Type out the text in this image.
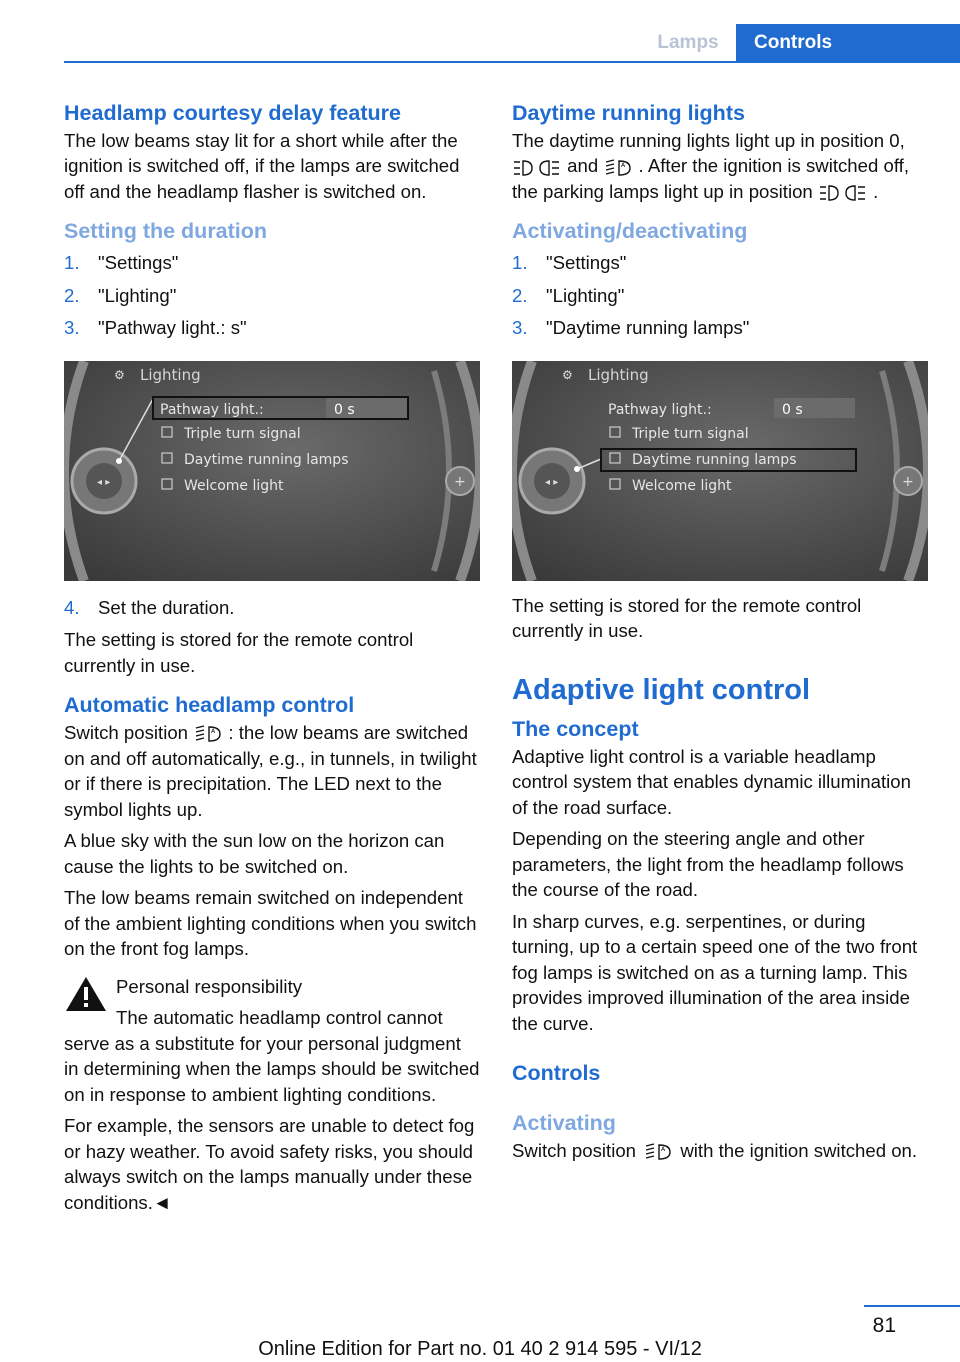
Lamps	Controls
Headlamp courtesy delay feature

The low beams stay lit for a short while after the ignition is switched off, if the lamps are switched off and the headlamp flasher is switched on.

Setting the duration
1. "Settings"
2. "Lighting"
3. "Pathway light.: s"
◂ ▸	+
⚙ Lighting
Pathway light.:	0 s
Triple turn signal
Daytime running lamps
Welcome light
4. Set the duration.

The setting is stored for the remote control currently in use.

Automatic headlamp control

Switch position	A : the low beams are switched on and off automatically, e.g., in tunnels, in twilight or if there is precipitation. The LED next to the symbol lights up.

A blue sky with the sun low on the horizon can cause the lights to be switched on.

The low beams remain switched on independent of the ambient lighting conditions when you switch on the front fog lamps.

Personal responsibility

The automatic headlamp control cannot serve as a substitute for your personal judgment in determining when the lamps should be switched on in response to ambient lighting conditions.

For example, the sensors are unable to detect fog or hazy weather. To avoid safety risks, you should always switch on the lamps manually under these conditions.◄

Daytime running lights

The daytime running lights light up in position 0,  and	A . After the ignition is switched off, the parking lamps light up in position	.

Activating/deactivating
1. "Settings"
2. "Lighting"
3. "Daytime running lamps"
◂ ▸	+
⚙ Lighting
Pathway light.:	0 s
Triple turn signal
Daytime running lamps
Welcome light

The setting is stored for the remote control currently in use.

Adaptive light control
The concept

Adaptive light control is a variable headlamp control system that enables dynamic illumination of the road surface.

Depending on the steering angle and other parameters, the light from the headlamp follows the course of the road.

In sharp curves, e.g. serpentines, or during turning, up to a certain speed one of the two front fog lamps is switched on as a turning lamp. This provides improved illumination of the area inside the curve.

Controls
Activating

Switch position	A with the ignition switched on.

81
Online Edition for Part no. 01 40 2 914 595 - VI/12
